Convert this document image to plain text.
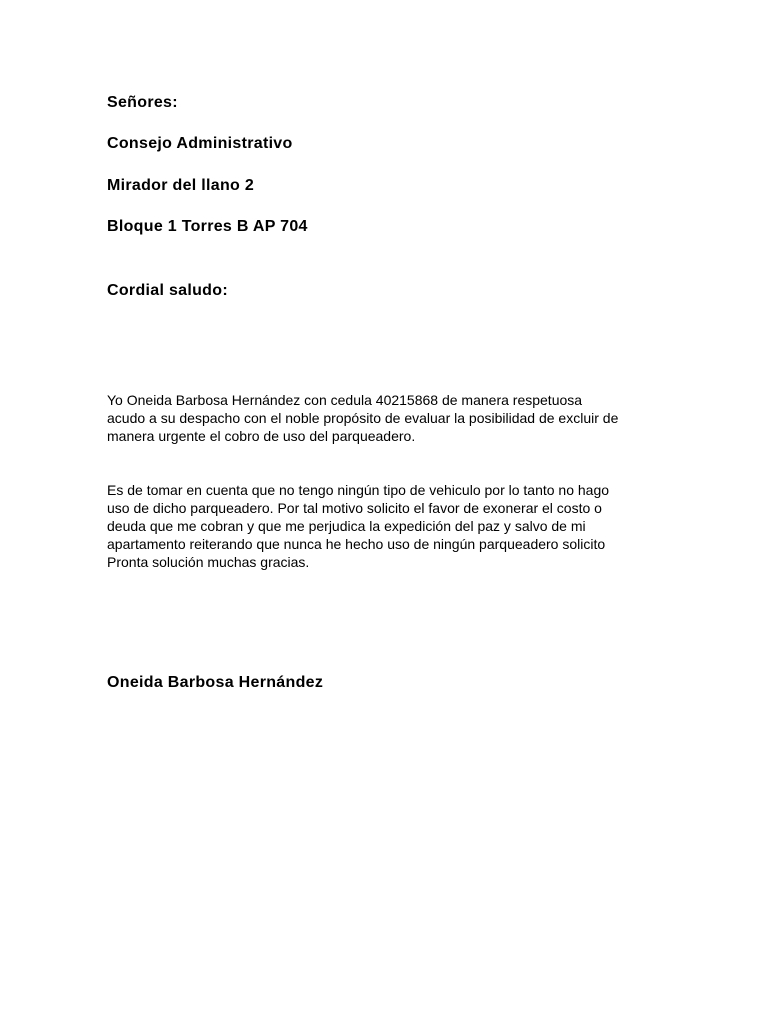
Señores:
Consejo Administrativo
Mirador del llano 2
Bloque 1 Torres B AP 704
Cordial saludo:
Yo Oneida Barbosa Hernández con cedula 40215868 de manera respetuosa
acudo a su despacho con el noble propósito de evaluar la posibilidad de excluir de
manera urgente el cobro de uso del parqueadero.
Es de tomar en cuenta que no tengo ningún tipo de vehiculo por lo tanto no hago
uso de dicho parqueadero. Por tal motivo solicito el favor de exonerar el costo o
deuda que me cobran y que me perjudica la expedición del paz y salvo de mi
apartamento reiterando que nunca he hecho uso de ningún parqueadero solicito
Pronta solución muchas gracias.
Oneida Barbosa Hernández
